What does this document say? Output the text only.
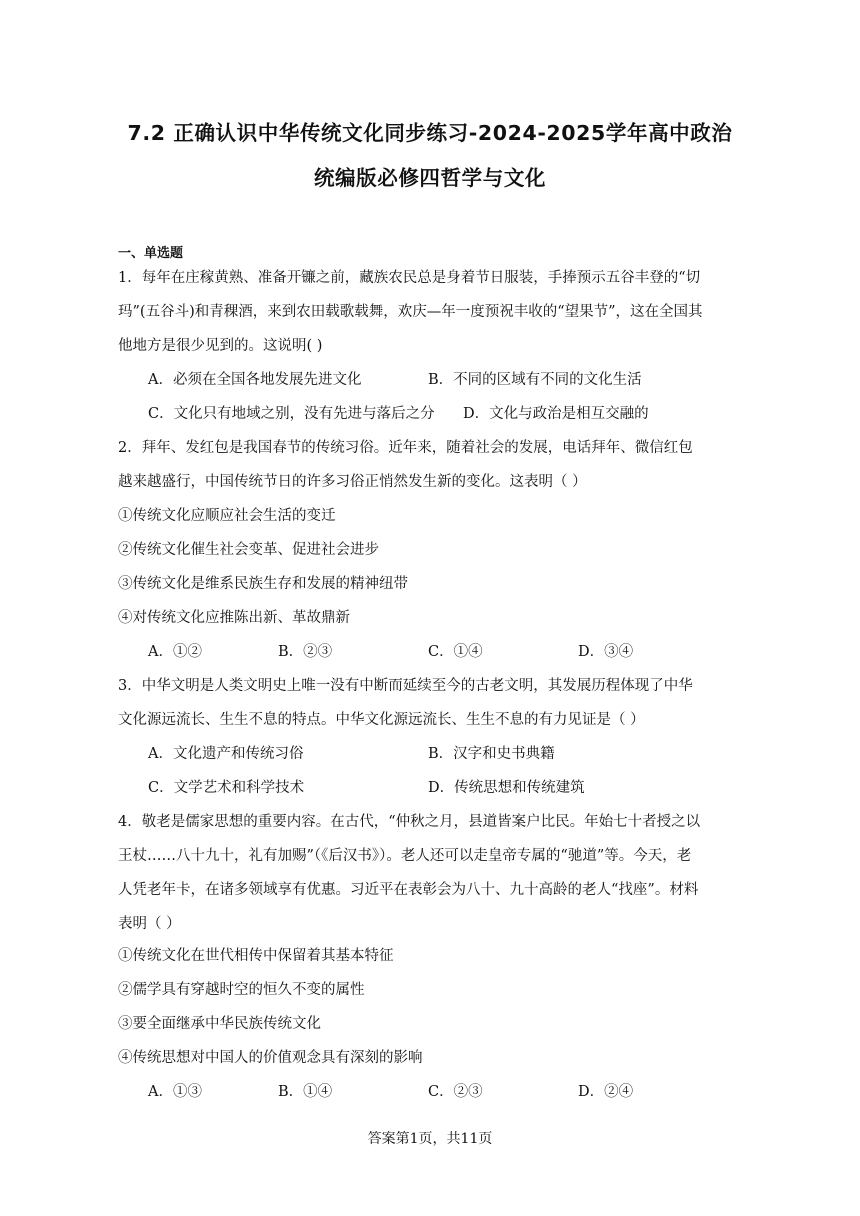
7.2 正确认识中华传统文化同步练习-2024-2025学年高中政治
统编版必修四哲学与文化
一、单选题
1．每年在庄稼黄熟、准备开镰之前，藏族农民总是身着节日服装，手捧预示五谷丰登的“切
玛”(五谷斗)和青稞酒，来到农田载歌载舞，欢庆—年一度预祝丰收的“望果节”，这在全国其
他地方是很少见到的。这说明( )
A．必须在全国各地发展先进文化	B．不同的区域有不同的文化生活
C．文化只有地域之别，没有先进与落后之分 D．文化与政治是相互交融的
2．拜年、发红包是我国春节的传统习俗。近年来，随着社会的发展，电话拜年、微信红包
越来越盛行，中国传统节日的许多习俗正悄然发生新的变化。这表明（ ）
①传统文化应顺应社会生活的变迁
②传统文化催生社会变革、促进社会进步
③传统文化是维系民族生存和发展的精神纽带
④对传统文化应推陈出新、革故鼎新
A．①②	B．②③	C．①④	D．③④
3．中华文明是人类文明史上唯一没有中断而延续至今的古老文明，其发展历程体现了中华
文化源远流长、生生不息的特点。中华文化源远流长、生生不息的有力见证是（ ）
A．文化遗产和传统习俗	B．汉字和史书典籍
C．文学艺术和科学技术	D．传统思想和传统建筑
4．敬老是儒家思想的重要内容。在古代，“仲秋之月，县道皆案户比民。年始七十者授之以
王杖……八十九十，礼有加赐”（《后汉书》）。老人还可以走皇帝专属的“驰道”等。今天，老
人凭老年卡，在诸多领域享有优惠。习近平在表彰会为八十、九十高龄的老人“找座”。材料
表明（ ）
①传统文化在世代相传中保留着其基本特征
②儒学具有穿越时空的恒久不变的属性
③要全面继承中华民族传统文化
④传统思想对中国人的价值观念具有深刻的影响
A．①③	B．①④	C．②③	D．②④
答案第1页，共11页
